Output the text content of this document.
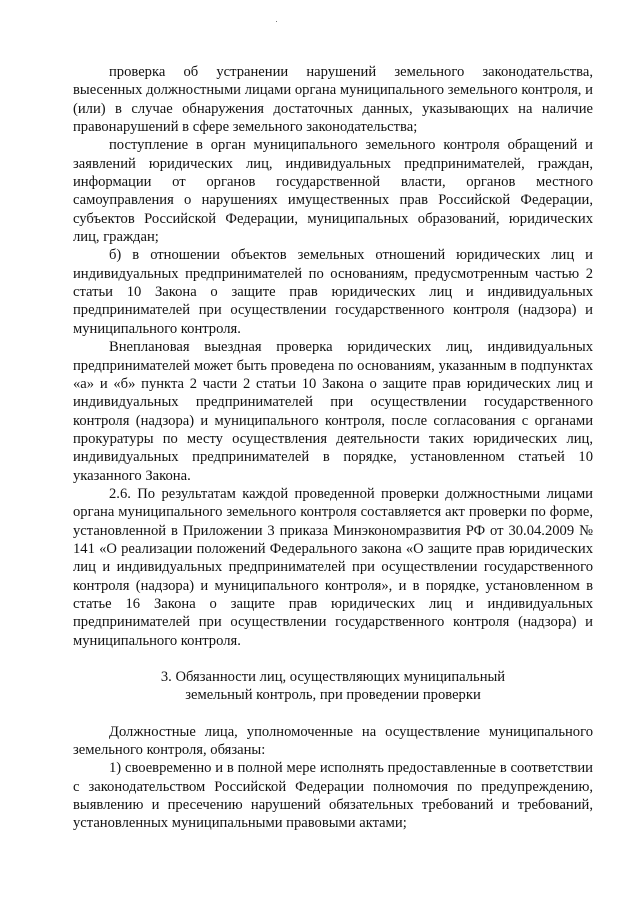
проверка об устранении нарушений земельного законодательства, выесенных должностными лицами органа муниципального земельного контроля, и (или) в случае обнаружения достаточных данных, указывающих на наличие правонарушений в сфере земельного законодательства;

поступление в орган муниципального земельного контроля обращений и заявлений юридических лиц, индивидуальных предпринимателей, граждан, информации от органов государственной власти, органов местного самоуправления о нарушениях имущественных прав Российской Федерации, субъектов Российской Федерации, муниципальных образований, юридических лиц, граждан;

б) в отношении объектов земельных отношений юридических лиц и индивидуальных предпринимателей по основаниям, предусмотренным частью 2 статьи 10 Закона о защите прав юридических лиц и индивидуальных предпринимателей при осуществлении государственного контроля (надзора) и муниципального контроля.

Внеплановая выездная проверка юридических лиц, индивидуальных предпринимателей может быть проведена по основаниям, указанным в подпунктах «а» и «б» пункта 2 части 2 статьи 10 Закона о защите прав юридических лиц и индивидуальных предпринимателей при осуществлении государственного контроля (надзора) и муниципального контроля, после согласования с органами прокуратуры по месту осуществления деятельности таких юридических лиц, индивидуальных предпринимателей в порядке, установленном статьей 10 указанного Закона.

2.6. По результатам каждой проведенной проверки должностными лицами органа муниципального земельного контроля составляется акт проверки по форме, установленной в Приложении 3 приказа Минэкономразвития РФ от 30.04.2009 № 141 «О реализации положений Федерального закона «О защите прав юридических лиц и индивидуальных предпринимателей при осуществлении государственного контроля (надзора) и муниципального контроля», и в порядке, установленном в статье 16 Закона о защите прав юридических лиц и индивидуальных предпринимателей при осуществлении государственного контроля (надзора) и муниципального контроля.

3. Обязанности лиц, осуществляющих муниципальный
земельный контроль, при проведении проверки

Должностные лица, уполномоченные на осуществление муниципального земельного контроля, обязаны:

1) своевременно и в полной мере исполнять предоставленные в соответствии с законодательством Российской Федерации полномочия по предупреждению, выявлению и пресечению нарушений обязательных требований и требований, установленных муниципальными правовыми актами;
